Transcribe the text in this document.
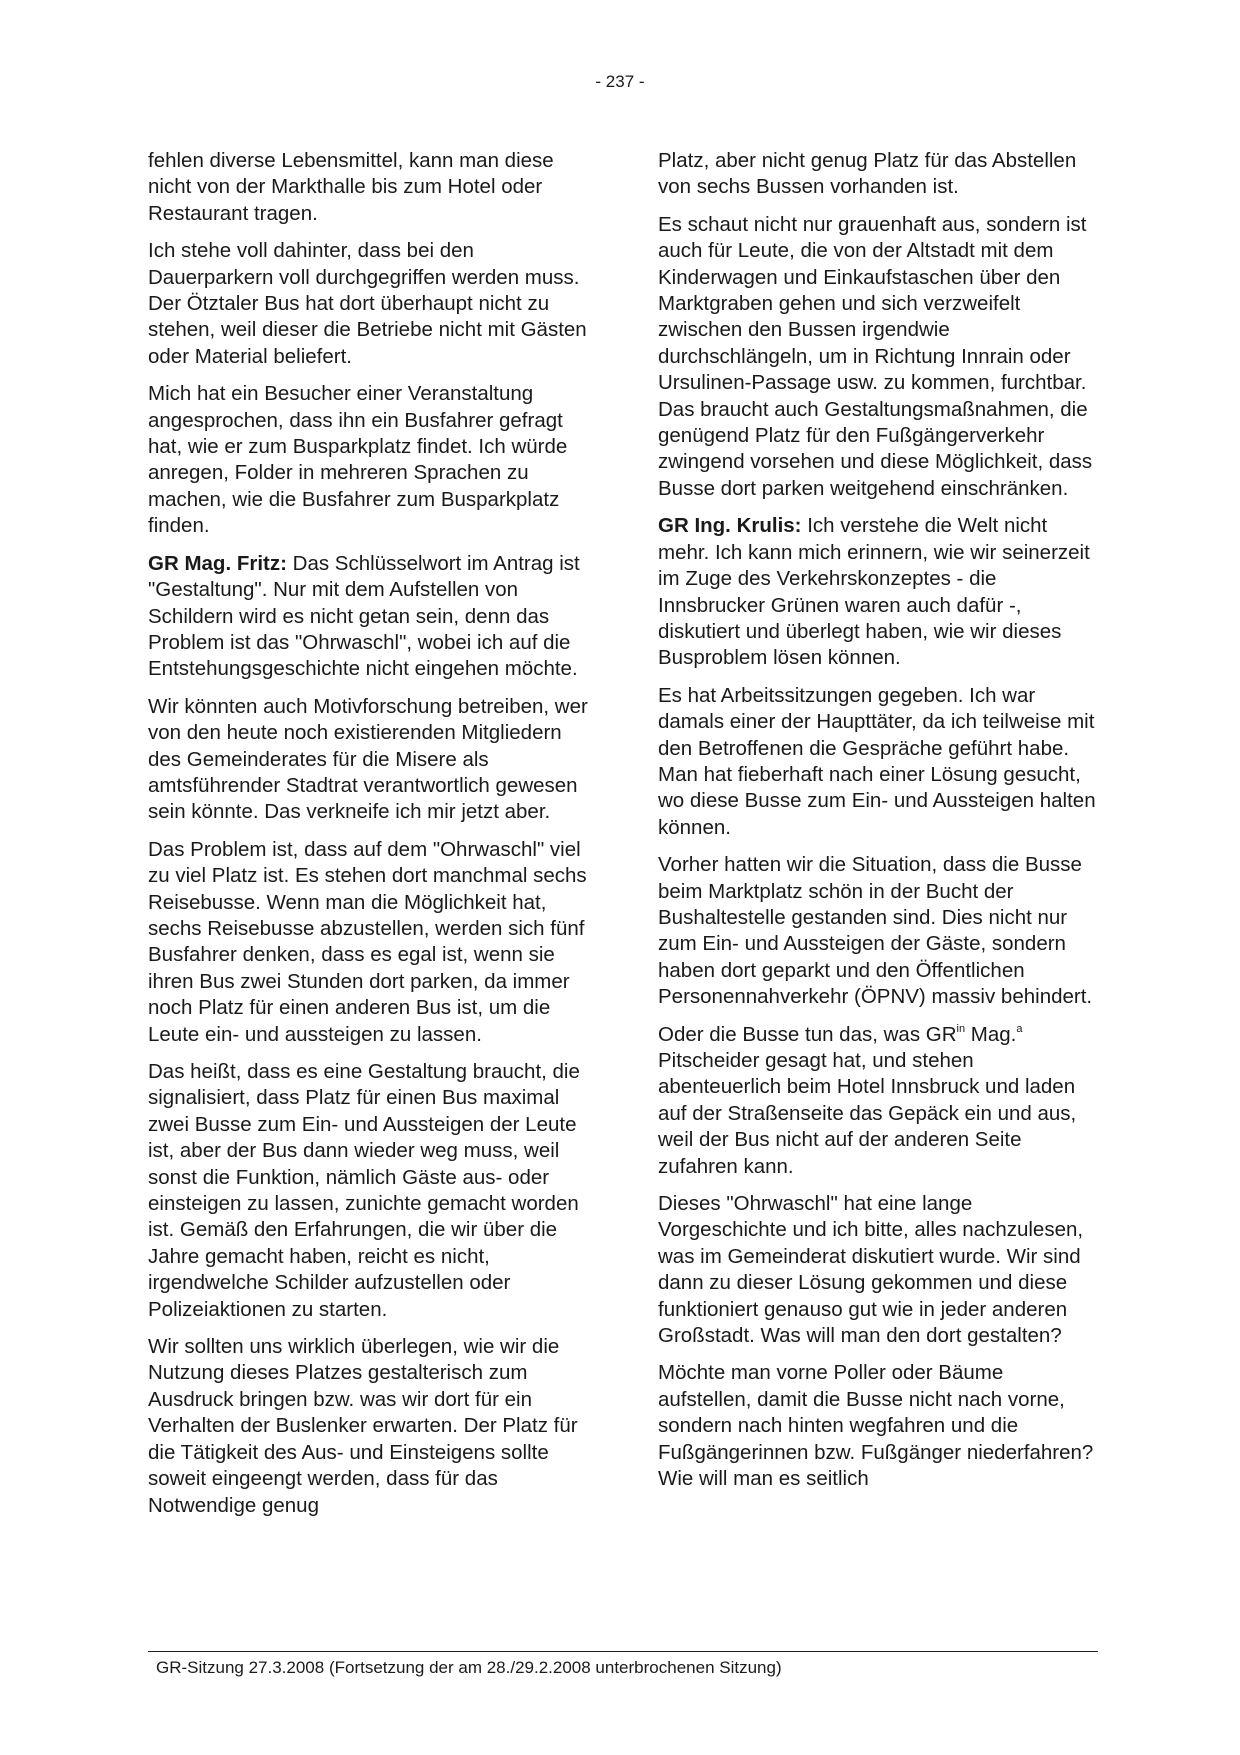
- 237 -

fehlen diverse Lebensmittel, kann man diese nicht von der Markthalle bis zum Hotel oder Restaurant tragen.

Ich stehe voll dahinter, dass bei den Dauerparkern voll durchgegriffen werden muss. Der Ötztaler Bus hat dort überhaupt nicht zu stehen, weil dieser die Betriebe nicht mit Gästen oder Material beliefert.

Mich hat ein Besucher einer Veranstaltung angesprochen, dass ihn ein Busfahrer gefragt hat, wie er zum Busparkplatz findet. Ich würde anregen, Folder in mehreren Sprachen zu machen, wie die Busfahrer zum Busparkplatz finden.

GR Mag. Fritz: Das Schlüsselwort im Antrag ist "Gestaltung". Nur mit dem Aufstellen von Schildern wird es nicht getan sein, denn das Problem ist das "Ohrwaschl", wobei ich auf die Entstehungsgeschichte nicht eingehen möchte.

Wir könnten auch Motivforschung betreiben, wer von den heute noch existierenden Mitgliedern des Gemeinderates für die Misere als amtsführender Stadtrat verantwortlich gewesen sein könnte. Das verkneife ich mir jetzt aber.

Das Problem ist, dass auf dem "Ohrwaschl" viel zu viel Platz ist. Es stehen dort manchmal sechs Reisebusse. Wenn man die Möglichkeit hat, sechs Reisebusse abzustellen, werden sich fünf Busfahrer denken, dass es egal ist, wenn sie ihren Bus zwei Stunden dort parken, da immer noch Platz für einen anderen Bus ist, um die Leute ein- und aussteigen zu lassen.

Das heißt, dass es eine Gestaltung braucht, die signalisiert, dass Platz für einen Bus maximal zwei Busse zum Ein- und Aussteigen der Leute ist, aber der Bus dann wieder weg muss, weil sonst die Funktion, nämlich Gäste aus- oder einsteigen zu lassen, zunichte gemacht worden ist. Gemäß den Erfahrungen, die wir über die Jahre gemacht haben, reicht es nicht, irgendwelche Schilder aufzustellen oder Polizeiaktionen zu starten.

Wir sollten uns wirklich überlegen, wie wir die Nutzung dieses Platzes gestalterisch zum Ausdruck bringen bzw. was wir dort für ein Verhalten der Buslenker erwarten. Der Platz für die Tätigkeit des Aus- und Einsteigens sollte soweit eingeengt werden, dass für das Notwendige genug

Platz, aber nicht genug Platz für das Abstellen von sechs Bussen vorhanden ist.

Es schaut nicht nur grauenhaft aus, sondern ist auch für Leute, die von der Altstadt mit dem Kinderwagen und Einkaufstaschen über den Marktgraben gehen und sich verzweifelt zwischen den Bussen irgendwie durchschlängeln, um in Richtung Innrain oder Ursulinen-Passage usw. zu kommen, furchtbar. Das braucht auch Gestaltungsmaßnahmen, die genügend Platz für den Fußgängerverkehr zwingend vorsehen und diese Möglichkeit, dass Busse dort parken weitgehend einschränken.

GR Ing. Krulis: Ich verstehe die Welt nicht mehr. Ich kann mich erinnern, wie wir seinerzeit im Zuge des Verkehrskonzeptes - die Innsbrucker Grünen waren auch dafür -, diskutiert und überlegt haben, wie wir dieses Busproblem lösen können.

Es hat Arbeitssitzungen gegeben. Ich war damals einer der Haupttäter, da ich teilweise mit den Betroffenen die Gespräche geführt habe. Man hat fieberhaft nach einer Lösung gesucht, wo diese Busse zum Ein- und Aussteigen halten können.

Vorher hatten wir die Situation, dass die Busse beim Marktplatz schön in der Bucht der Bushaltestelle gestanden sind. Dies nicht nur zum Ein- und Aussteigen der Gäste, sondern haben dort geparkt und den Öffentlichen Personennahverkehr (ÖPNV) massiv behindert.

Oder die Busse tun das, was $GR^{in}$ Mag.$^a$ Pitscheider gesagt hat, und stehen abenteuerlich beim Hotel Innsbruck und laden auf der Straßenseite das Gepäck ein und aus, weil der Bus nicht auf der anderen Seite zufahren kann.

Dieses "Ohrwaschl" hat eine lange Vorgeschichte und ich bitte, alles nachzulesen, was im Gemeinderat diskutiert wurde. Wir sind dann zu dieser Lösung gekommen und diese funktioniert genauso gut wie in jeder anderen Großstadt. Was will man den dort gestalten?

Möchte man vorne Poller oder Bäume aufstellen, damit die Busse nicht nach vorne, sondern nach hinten wegfahren und die Fußgängerinnen bzw. Fußgänger niederfahren? Wie will man es seitlich

GR-Sitzung 27.3.2008 (Fortsetzung der am 28./29.2.2008 unterbrochenen Sitzung)
